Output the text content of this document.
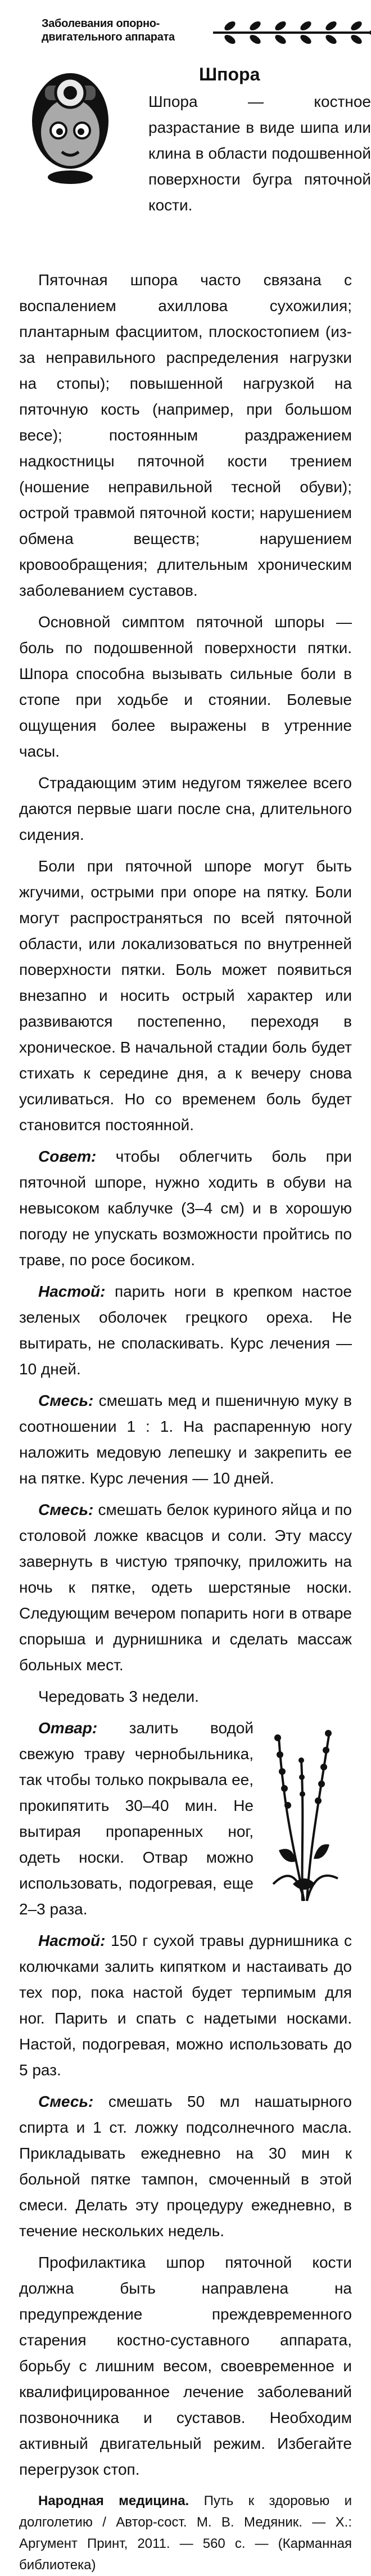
Заболевания опорно-двигательного аппарата
Шпора
Шпора — костное разрастание в виде шипа или клина в области подошвенной поверхности бугра пяточной кости.

Пяточная шпора часто связана с воспалением ахиллова сухожилия; плантарным фасциитом, плоскостопием (из-за неправильного распределения нагрузки на стопы); повышенной нагрузкой на пяточную кость (например, при большом весе); постоянным раздражением надкостницы пяточной кости трением (ношение неправильной тесной обуви); острой травмой пяточной кости; нарушением обмена веществ; нарушением кровообращения; длительным хроническим заболеванием суставов.

Основной симптом пяточной шпоры — боль по подошвенной поверхности пятки. Шпора способна вызывать сильные боли в стопе при ходьбе и стоянии. Болевые ощущения более выражены в утренние часы.

Страдающим этим недугом тяжелее всего даются первые шаги после сна, длительного сидения.

Боли при пяточной шпоре могут быть жгучими, острыми при опоре на пятку. Боли могут распространяться по всей пяточной области, или локализоваться по внутренней поверхности пятки. Боль может появиться внезапно и носить острый характер или развиваются постепенно, переходя в хроническое. В начальной стадии боль будет стихать к середине дня, а к вечеру снова усиливаться. Но со временем боль будет становится постоянной.

Совет: чтобы облегчить боль при пяточной шпоре, нужно ходить в обуви на невысоком каблучке (3–4 см) и в хорошую погоду не упускать возможности пройтись по траве, по росе босиком.

Настой: парить ноги в крепком настое зеленых оболочек грецкого ореха. Не вытирать, не споласкивать. Курс лечения — 10 дней.

Смесь: смешать мед и пшеничную муку в соотношении 1 : 1. На распаренную ногу наложить медовую лепешку и закрепить ее на пятке. Курс лечения — 10 дней.

Смесь: смешать белок куриного яйца и по столовой ложке квасцов и соли. Эту массу завернуть в чистую тряпочку, приложить на ночь к пятке, одеть шерстяные носки. Следующим вечером попарить ноги в отваре спорыша и дурнишника и сделать массаж больных мест.

Чередовать 3 недели.

Отвар: залить водой свежую траву чернобыльника, так чтобы только покрывала ее, прокипятить 30–40 мин. Не вытирая пропаренных ног, одеть носки. Отвар можно использовать, подогревая, еще 2–3 раза.

Настой: 150 г сухой травы дурнишника с колючками залить кипятком и настаивать до тех пор, пока настой будет терпимым для ног. Парить и спать с надетыми носками. Настой, подогревая, можно использовать до 5 раз.

Смесь: смешать 50 мл нашатырного спирта и 1 ст. ложку подсолнечного масла. Прикладывать ежедневно на 30 мин к больной пятке тампон, смоченный в этой смеси. Делать эту процедуру ежедневно, в течение нескольких недель.

Профилактика шпор пяточной кости должна быть направлена на предупреждение преждевременного старения костно-суставного аппарата, борьбу с лишним весом, своевременное и квалифицированное лечение заболеваний позвоночника и суставов. Необходим активный двигательный режим. Избегайте перегрузок стоп.

Народная медицина. Путь к здоровью и долголетию / Автор-сост. М. В. Медяник. — Х.: Аргумент Принт, 2011. — 560 с. — (Карманная библиотека)
